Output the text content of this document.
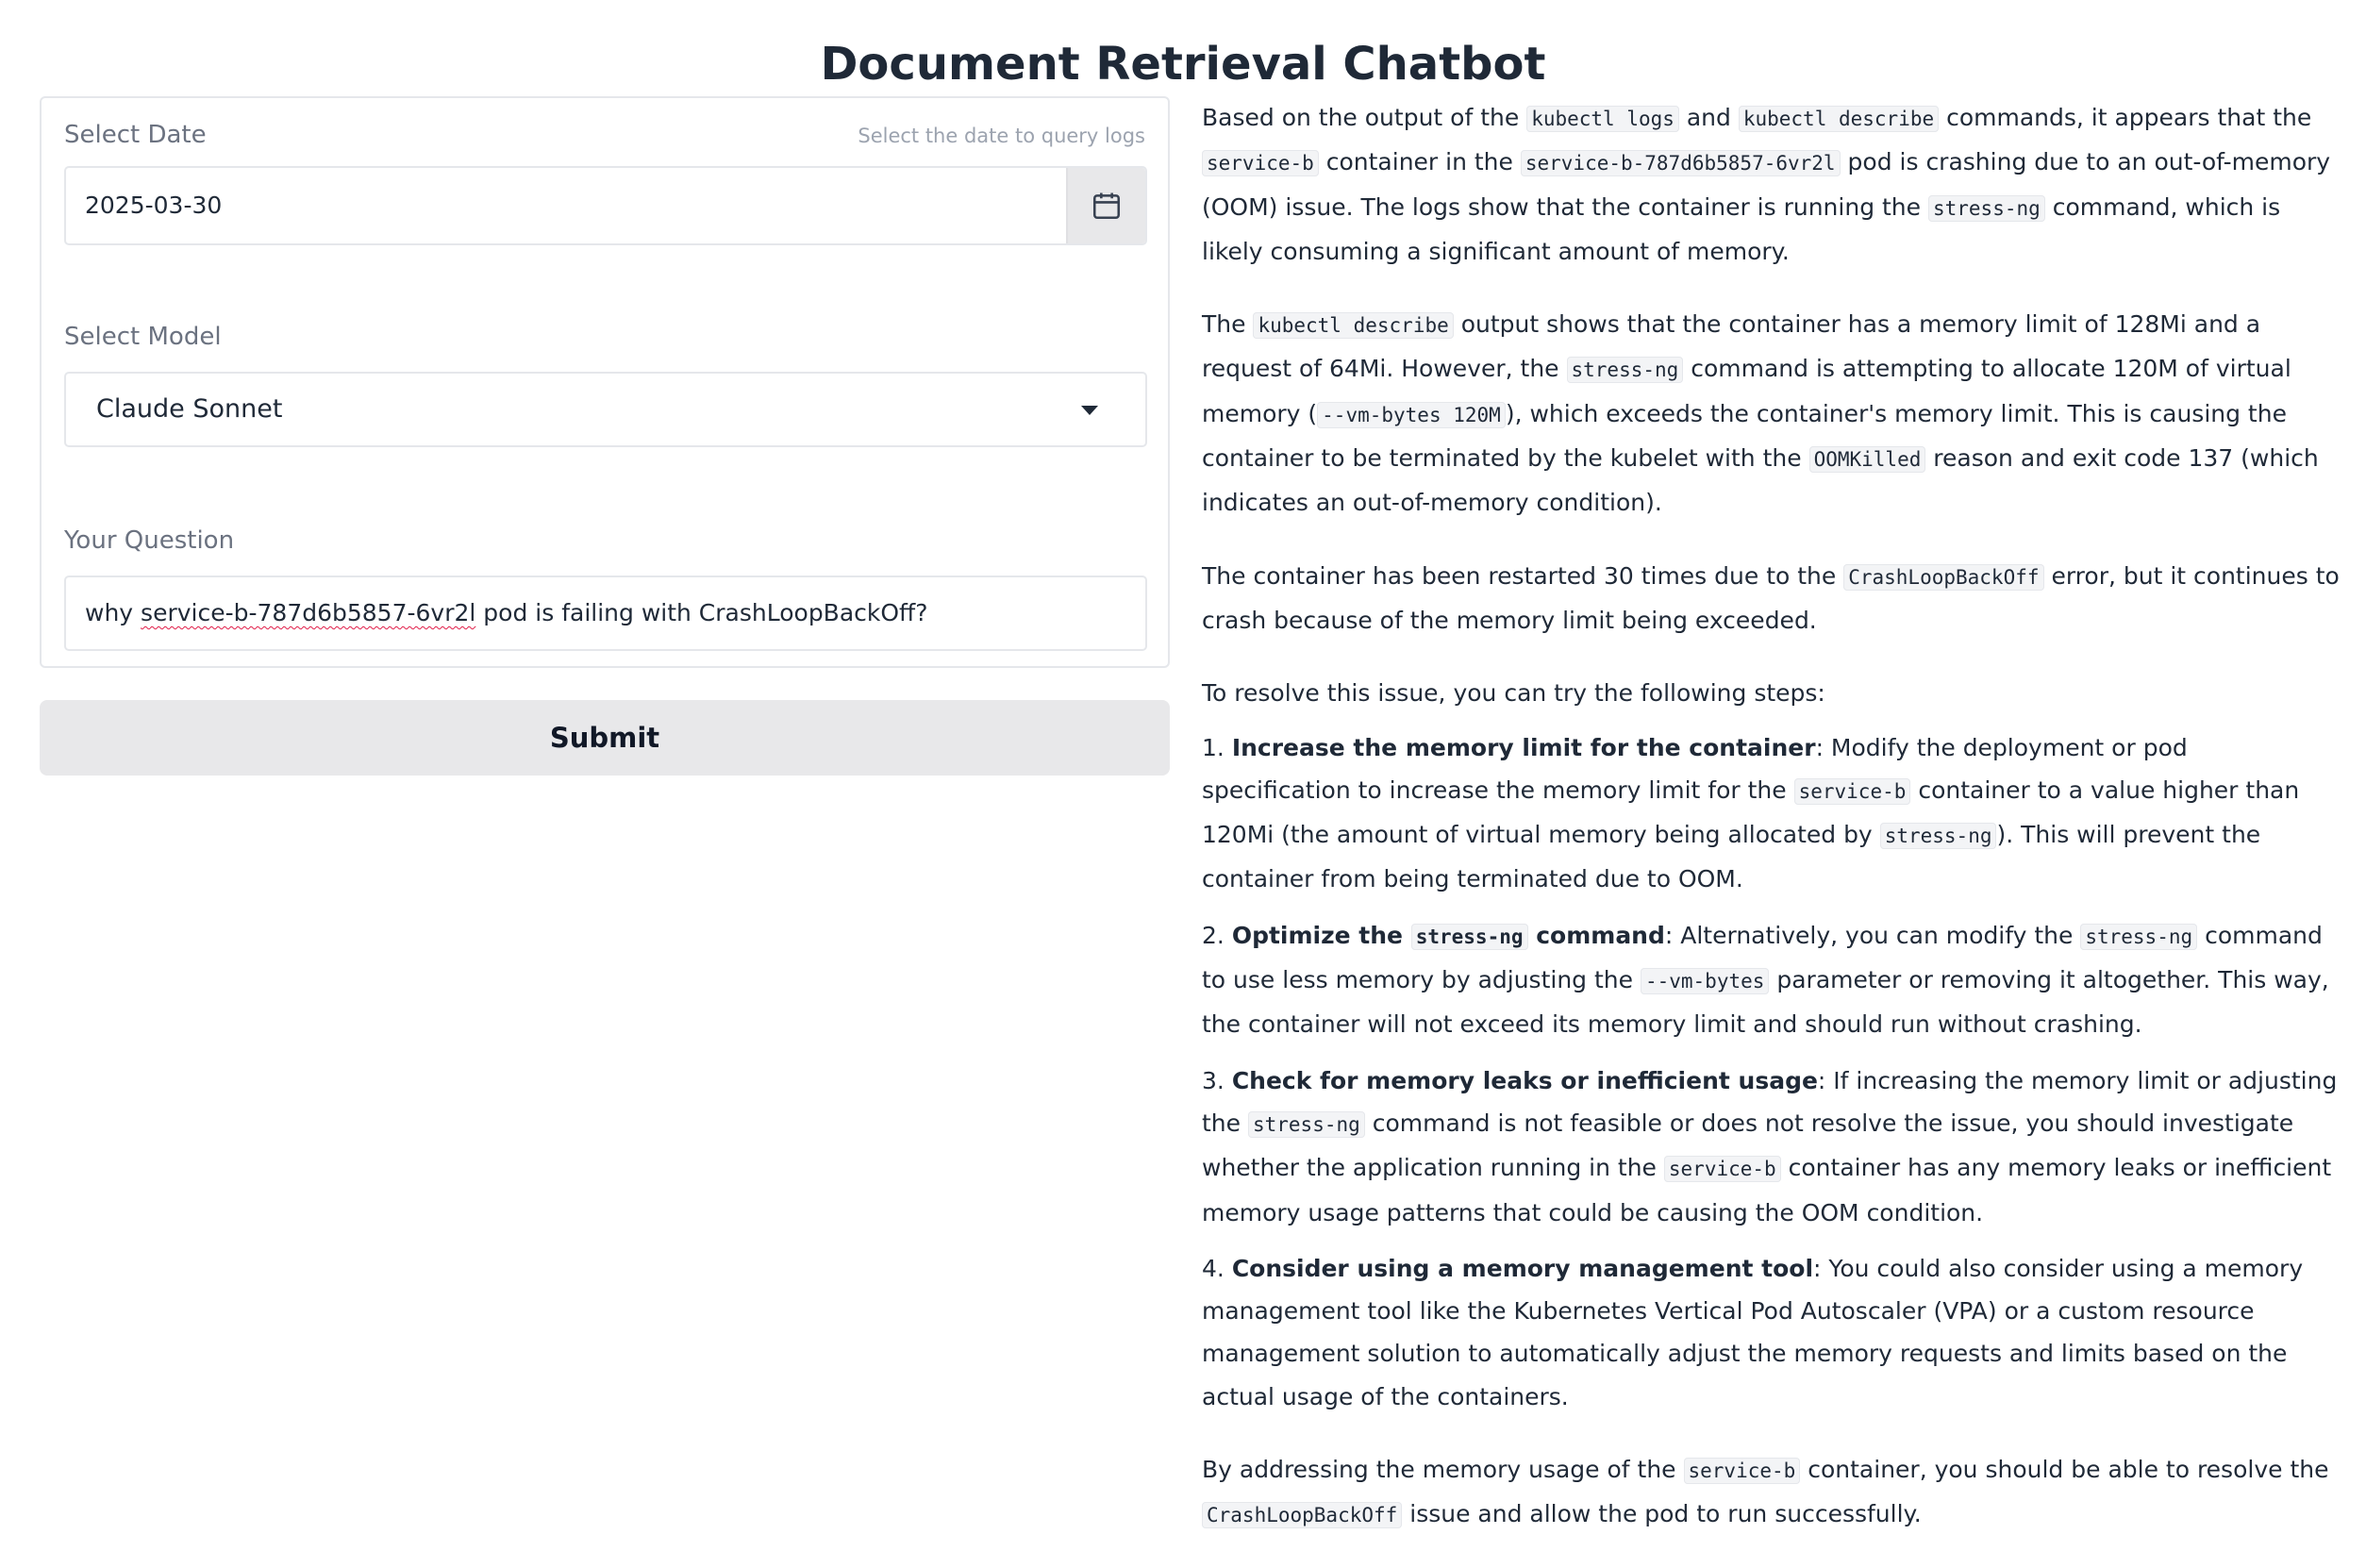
Document Retrieval Chatbot
Select Date	Select the date to query logs
2025-03-30
Select Model
Claude Sonnet
Your Question
why service-b-787d6b5857-6vr2l pod is failing with CrashLoopBackOff?
Submit

Based on the output of the kubectl logs and kubectl describe commands, it appears that the service-b container in the service-b-787d6b5857-6vr2l pod is crashing due to an out-of-memory (OOM) issue. The logs show that the container is running the stress-ng command, which is likely consuming a significant amount of memory.

The kubectl describe output shows that the container has a memory limit of 128Mi and a request of 64Mi. However, the stress-ng command is attempting to allocate 120M of virtual memory ( --vm-bytes 120M ), which exceeds the container's memory limit. This is causing the container to be terminated by the kubelet with the OOMKilled reason and exit code 137 (which indicates an out-of-memory condition).

The container has been restarted 30 times due to the CrashLoopBackOff error, but it continues to crash because of the memory limit being exceeded.

To resolve this issue, you can try the following steps:

1. Increase the memory limit for the container: Modify the deployment or pod specification to increase the memory limit for the service-b container to a value higher than 120Mi (the amount of virtual memory being allocated by stress-ng ). This will prevent the container from being terminated due to OOM.

2. Optimize the stress-ng command: Alternatively, you can modify the stress-ng command to use less memory by adjusting the --vm-bytes parameter or removing it altogether. This way, the container will not exceed its memory limit and should run without crashing.

3. Check for memory leaks or inefficient usage: If increasing the memory limit or adjusting the stress-ng command is not feasible or does not resolve the issue, you should investigate whether the application running in the service-b container has any memory leaks or inefficient memory usage patterns that could be causing the OOM condition.

4. Consider using a memory management tool: You could also consider using a memory management tool like the Kubernetes Vertical Pod Autoscaler (VPA) or a custom resource management solution to automatically adjust the memory requests and limits based on the actual usage of the containers.

By addressing the memory usage of the service-b container, you should be able to resolve the CrashLoopBackOff issue and allow the pod to run successfully.
